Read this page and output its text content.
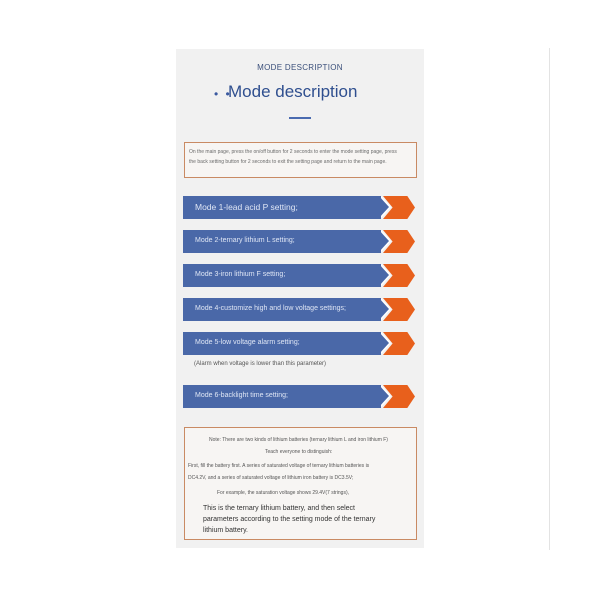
MODE DESCRIPTION
• •
Mode description
On the main page, press the on/off button for 2 seconds to enter the mode setting page, press
the back setting button for 2 seconds to exit the setting page and return to the main page.
Mode 1-lead acid P setting;
Mode 2-ternary lithium L setting;
Mode 3-iron lithium F setting;
Mode 4-customize high and low voltage settings;
Mode 5-low voltage alarm setting;
(Alarm when voltage is lower than this parameter)
Mode 6-backlight time setting;
Note: There are two kinds of lithium batteries (ternary lithium L and iron lithium F)
Teach everyone to distinguish:
First, fill the battery first. A series of saturated voltage of ternary lithium batteries is
DC4.2V, and a series of saturated voltage of lithium iron battery is DC3.5V;
For example, the saturation voltage shows 29.4V(7 strings),
This is the ternary lithium battery, and then select
parameters according to the setting mode of the ternary
lithium battery.
